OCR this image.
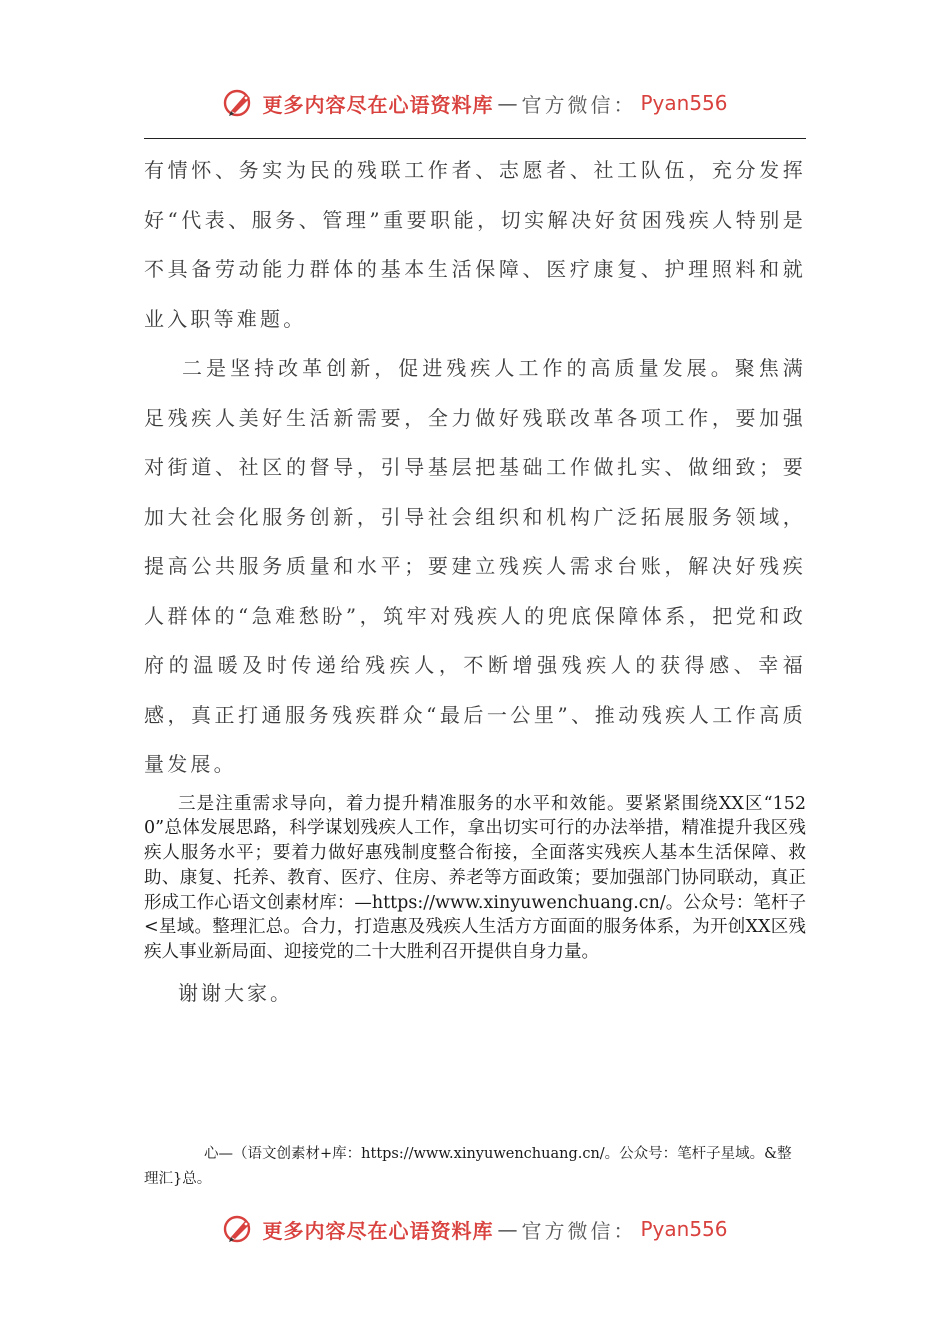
更多内容尽在心语资料库 — 官方微信： Pyan556

有情怀、务实为民的残联工作者、志愿者、社工队伍，充分发挥好“代表、服务、管理”重要职能，切实解决好贫困残疾人特别是不具备劳动能力群体的基本生活保障、医疗康复、护理照料和就业入职等难题。

二是坚持改革创新，促进残疾人工作的高质量发展。聚焦满足残疾人美好生活新需要，全力做好残联改革各项工作，要加强对街道、社区的督导，引导基层把基础工作做扎实、做细致；要加大社会化服务创新，引导社会组织和机构广泛拓展服务领域，提高公共服务质量和水平；要建立残疾人需求台账，解决好残疾人群体的“急难愁盼”，筑牢对残疾人的兜底保障体系，把党和政府的温暖及时传递给残疾人，不断增强残疾人的获得感、幸福感，真正打通服务残疾群众“最后一公里”、推动残疾人工作高质量发展。

三是注重需求导向，着力提升精准服务的水平和效能。要紧紧围绕XX区“1520”总体发展思路，科学谋划残疾人工作，拿出切实可行的办法举措，精准提升我区残疾人服务水平；要着力做好惠残制度整合衔接，全面落实残疾人基本生活保障、救助、康复、托养、教育、医疗、住房、养老等方面政策；要加强部门协同联动，真正形成工作心语文创素材库：—https://www.xinyuwenchuang.cn/。公众号：笔杆子<星域。整理汇总。合力，打造惠及残疾人生活方方面面的服务体系，为开创XX区残疾人事业新局面、迎接党的二十大胜利召开提供自身力量。

谢谢大家。

心—（语文创素材+库：https://www.xinyuwenchuang.cn/。公众号：笔杆子星域。&整理汇}总。
更多内容尽在心语资料库 — 官方微信： Pyan556
